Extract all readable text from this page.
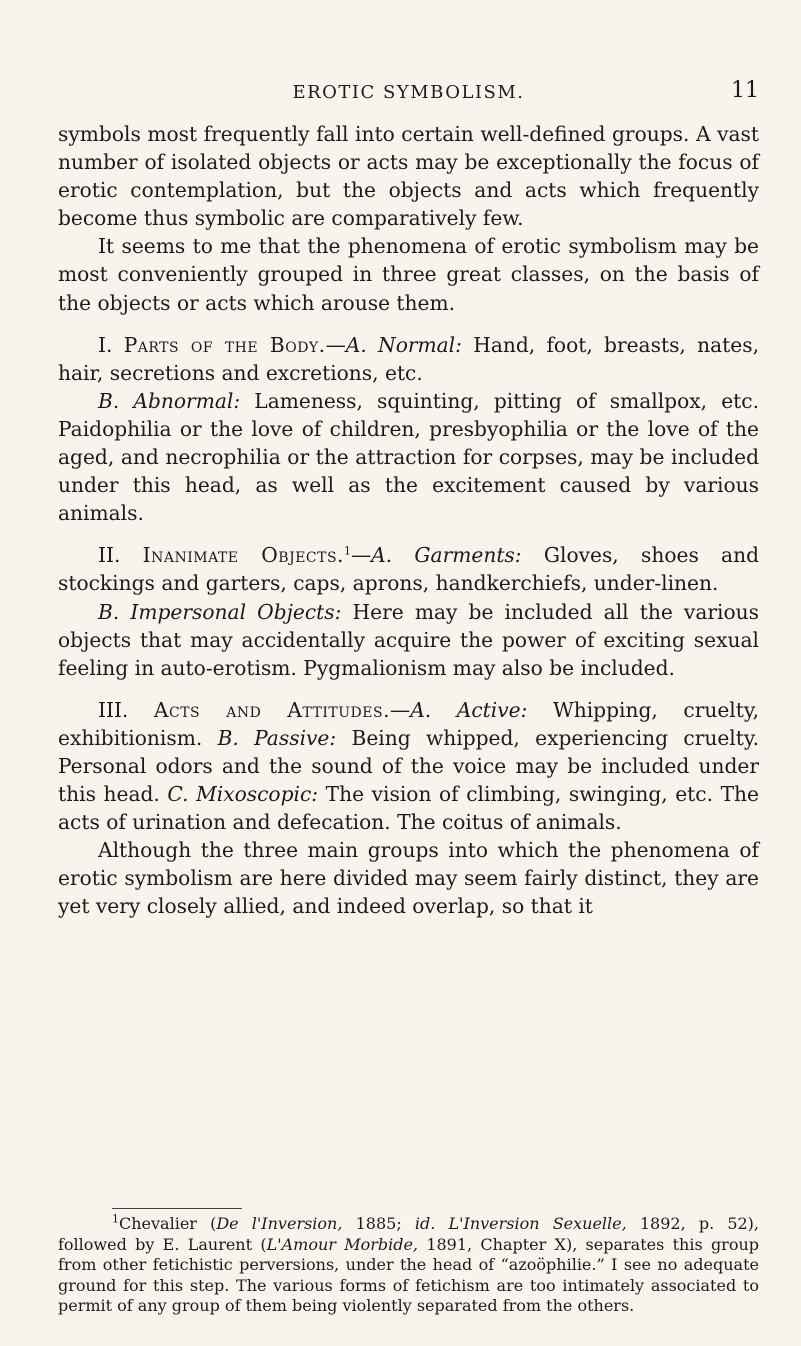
EROTIC SYMBOLISM.	11

symbols most frequently fall into certain well-defined groups. A vast number of isolated objects or acts may be exceptionally the focus of erotic contemplation, but the objects and acts which frequently become thus symbolic are comparatively few.

It seems to me that the phenomena of erotic symbolism may be most conveniently grouped in three great classes, on the basis of the objects or acts which arouse them.

I. Parts of the Body.—A. Normal: Hand, foot, breasts, nates, hair, secretions and excretions, etc.

B. Abnormal: Lameness, squinting, pitting of smallpox, etc. Paidophilia or the love of children, presbyophilia or the love of the aged, and necrophilia or the attraction for corpses, may be included under this head, as well as the excitement caused by various animals.

II. Inanimate Objects.$^1$—A. Garments: Gloves, shoes and stockings and garters, caps, aprons, handkerchiefs, under-linen.

B. Impersonal Objects: Here may be included all the various objects that may accidentally acquire the power of exciting sexual feeling in auto-erotism. Pygmalionism may also be included.

III. Acts and Attitudes.—A. Active: Whipping, cruelty, exhibitionism. B. Passive: Being whipped, experiencing cruelty. Personal odors and the sound of the voice may be included under this head. C. Mixoscopic: The vision of climbing, swinging, etc. The acts of urination and defecation. The coitus of animals.

Although the three main groups into which the phenomena of erotic symbolism are here divided may seem fairly distinct, they are yet very closely allied, and indeed overlap, so that it

$^1$Chevalier (De l'Inversion, 1885; id. L'Inversion Sexuelle, 1892, p. 52), followed by E. Laurent (L'Amour Morbide, 1891, Chapter X), separates this group from other fetichistic perversions, under the head of “azoöphilie.” I see no adequate ground for this step. The various forms of fetichism are too intimately associated to permit of any group of them being violently separated from the others.
